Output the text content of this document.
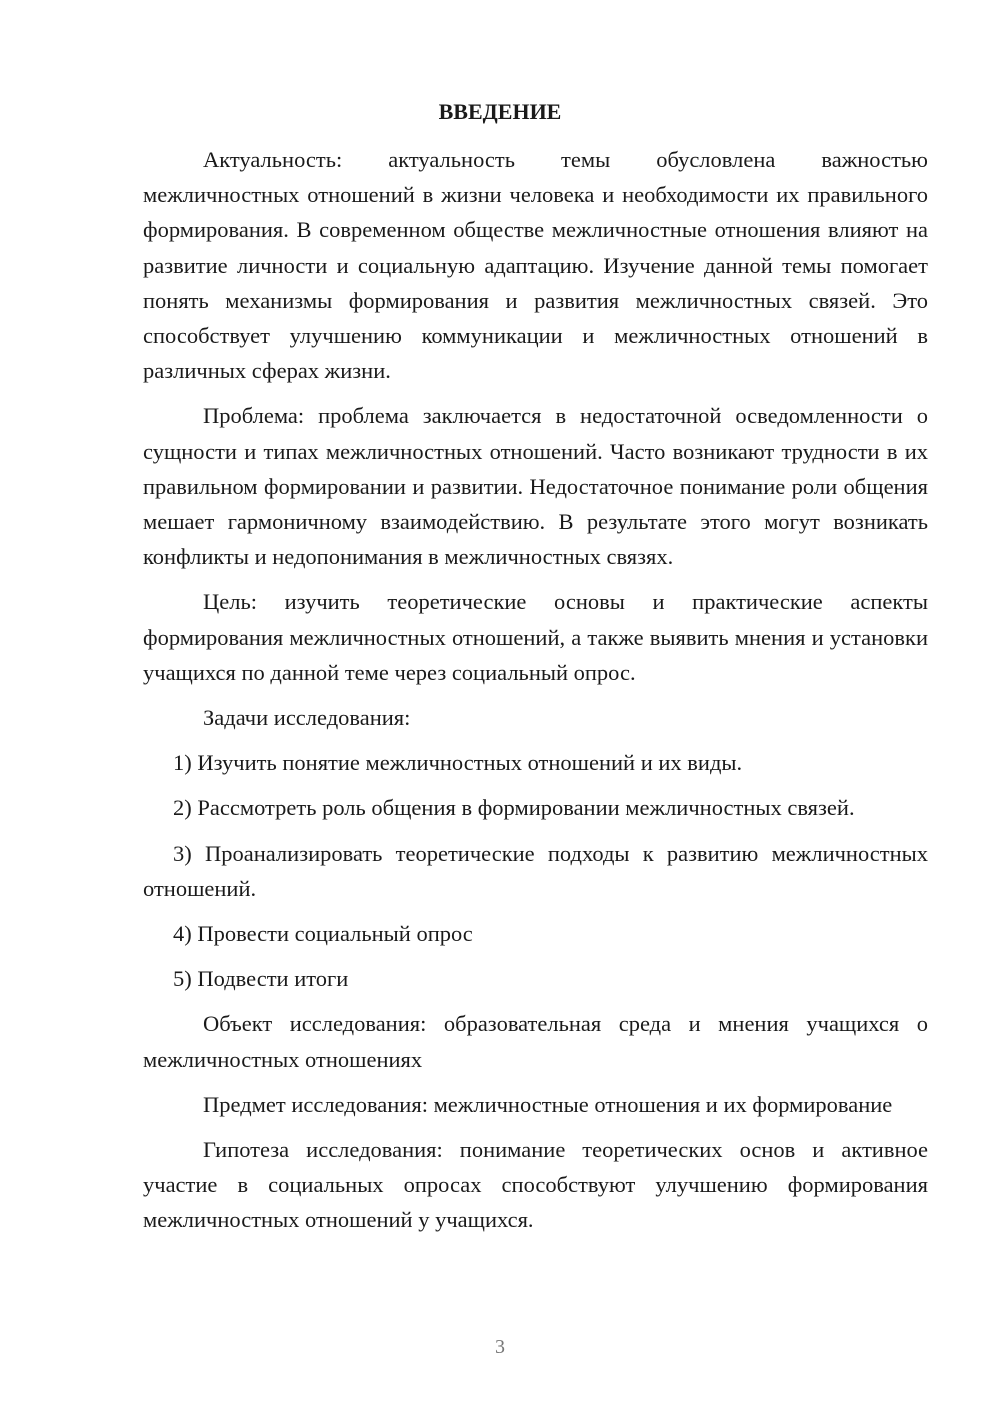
ВВЕДЕНИЕ

Актуальность: актуальность темы обусловлена важностью межличностных отношений в жизни человека и необходимости их правильного формирования. В современном обществе межличностные отношения влияют на развитие личности и социальную адаптацию. Изучение данной темы помогает понять механизмы формирования и развития межличностных связей. Это способствует улучшению коммуникации и межличностных отношений в различных сферах жизни.

Проблема: проблема заключается в недостаточной осведомленности о сущности и типах межличностных отношений. Часто возникают трудности в их правильном формировании и развитии. Недостаточное понимание роли общения мешает гармоничному взаимодействию. В результате этого могут возникать конфликты и недопонимания в межличностных связях.

Цель: изучить теоретические основы и практические аспекты формирования межличностных отношений, а также выявить мнения и установки учащихся по данной теме через социальный опрос.

Задачи исследования:

1) Изучить понятие межличностных отношений и их виды.

2) Рассмотреть роль общения в формировании межличностных связей.

3) Проанализировать теоретические подходы к развитию межличностных отношений.

4) Провести социальный опрос

5) Подвести итоги

Объект исследования: образовательная среда и мнения учащихся о межличностных отношениях

Предмет исследования: межличностные отношения и их формирование

Гипотеза исследования: понимание теоретических основ и активное участие в социальных опросах способствуют улучшению формирования межличностных отношений у учащихся.

3
